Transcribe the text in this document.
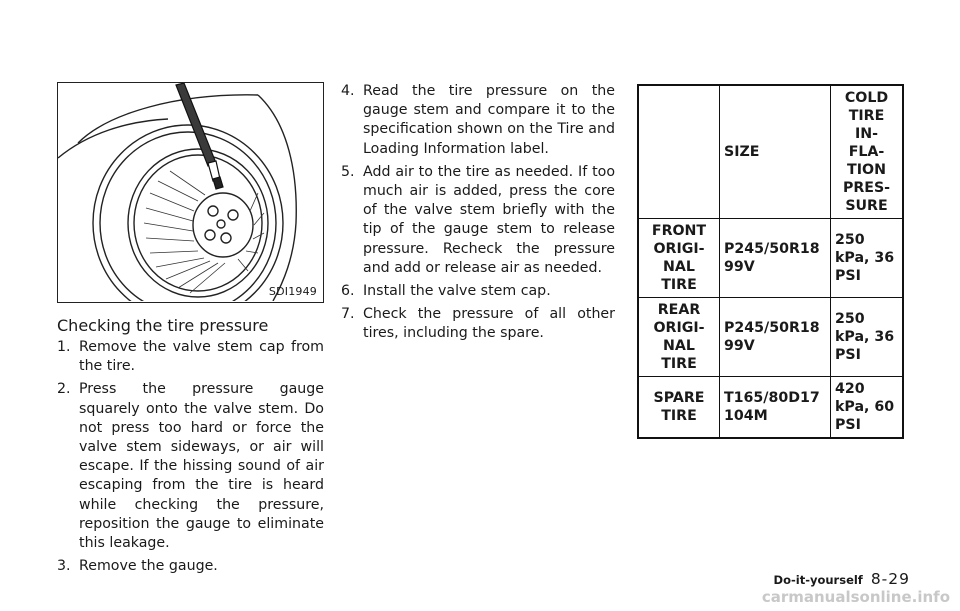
SDI1949
Checking the tire pressure
1. Remove the valve stem cap from the tire.
2. Press the pressure gauge squarely onto the valve stem. Do not press too hard or force the valve stem sideways, or air will escape. If the hissing sound of air escaping from the tire is heard while checking the pressure, reposition the gauge to eliminate this leakage.
3. Remove the gauge.
4. Read the tire pressure on the gauge stem and compare it to the specification shown on the Tire and Loading Information label.
5. Add air to the tire as needed. If too much air is added, press the core of the valve stem briefly with the tip of the gauge stem to release pressure. Recheck the pressure and add or release air as needed.
6. Install the valve stem cap.
7. Check the pressure of all other tires, including the spare.
	SIZE	COLD TIRE IN- FLA- TION PRES- SURE
FRONT ORIGI- NAL TIRE	P245/50R18 99V	250 kPa, 36 PSI
REAR ORIGI- NAL TIRE	P245/50R18 99V	250 kPa, 36 PSI
SPARE TIRE	T165/80D17 104M	420 kPa, 60 PSI
Do-it-yourself 8-29
carmanualsonline.info
